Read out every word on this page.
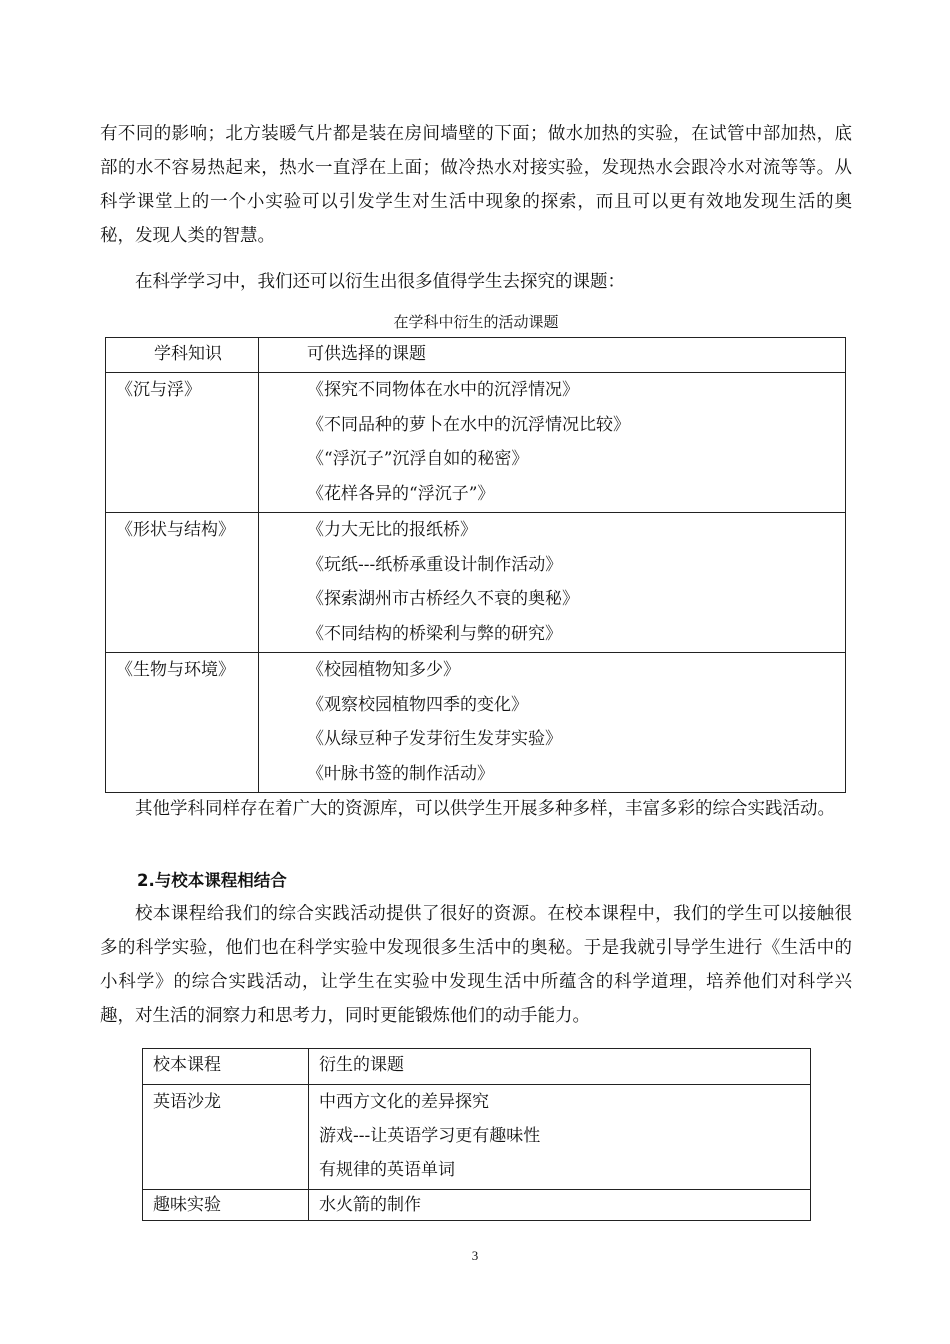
有不同的影响；北方装暖气片都是装在房间墙壁的下面；做水加热的实验，在试管中部加热，底部的水不容易热起来，热水一直浮在上面；做冷热水对接实验，发现热水会跟冷水对流等等。从科学课堂上的一个小实验可以引发学生对生活中现象的探索，而且可以更有效地发现生活的奥秘，发现人类的智慧。

在科学学习中，我们还可以衍生出很多值得学生去探究的课题：

在学科中衍生的活动课题
学科知识	可供选择的课题

《沉与浮》	《探究不同物体在水中的沉浮情况》
《不同品种的萝卜在水中的沉浮情况比较》
《“浮沉子”沉浮自如的秘密》
《花样各异的“浮沉子”》

《形状与结构》	《力大无比的报纸桥》
《玩纸---纸桥承重设计制作活动》
《探索湖州市古桥经久不衰的奥秘》
《不同结构的桥梁利与弊的研究》

《生物与环境》	《校园植物知多少》
《观察校园植物四季的变化》
《从绿豆种子发芽衍生发芽实验》
《叶脉书签的制作活动》

其他学科同样存在着广大的资源库，可以供学生开展多种多样，丰富多彩的综合实践活动。

2.与校本课程相结合

校本课程给我们的综合实践活动提供了很好的资源。在校本课程中，我们的学生可以接触很多的科学实验，他们也在科学实验中发现很多生活中的奥秘。于是我就引导学生进行《生活中的小科学》的综合实践活动，让学生在实验中发现生活中所蕴含的科学道理，培养他们对科学兴趣，对生活的洞察力和思考力，同时更能锻炼他们的动手能力。

校本课程	衍生的课题

英语沙龙	中西方文化的差异探究
游戏---让英语学习更有趣味性
有规律的英语单词

趣味实验	水火箭的制作
3
